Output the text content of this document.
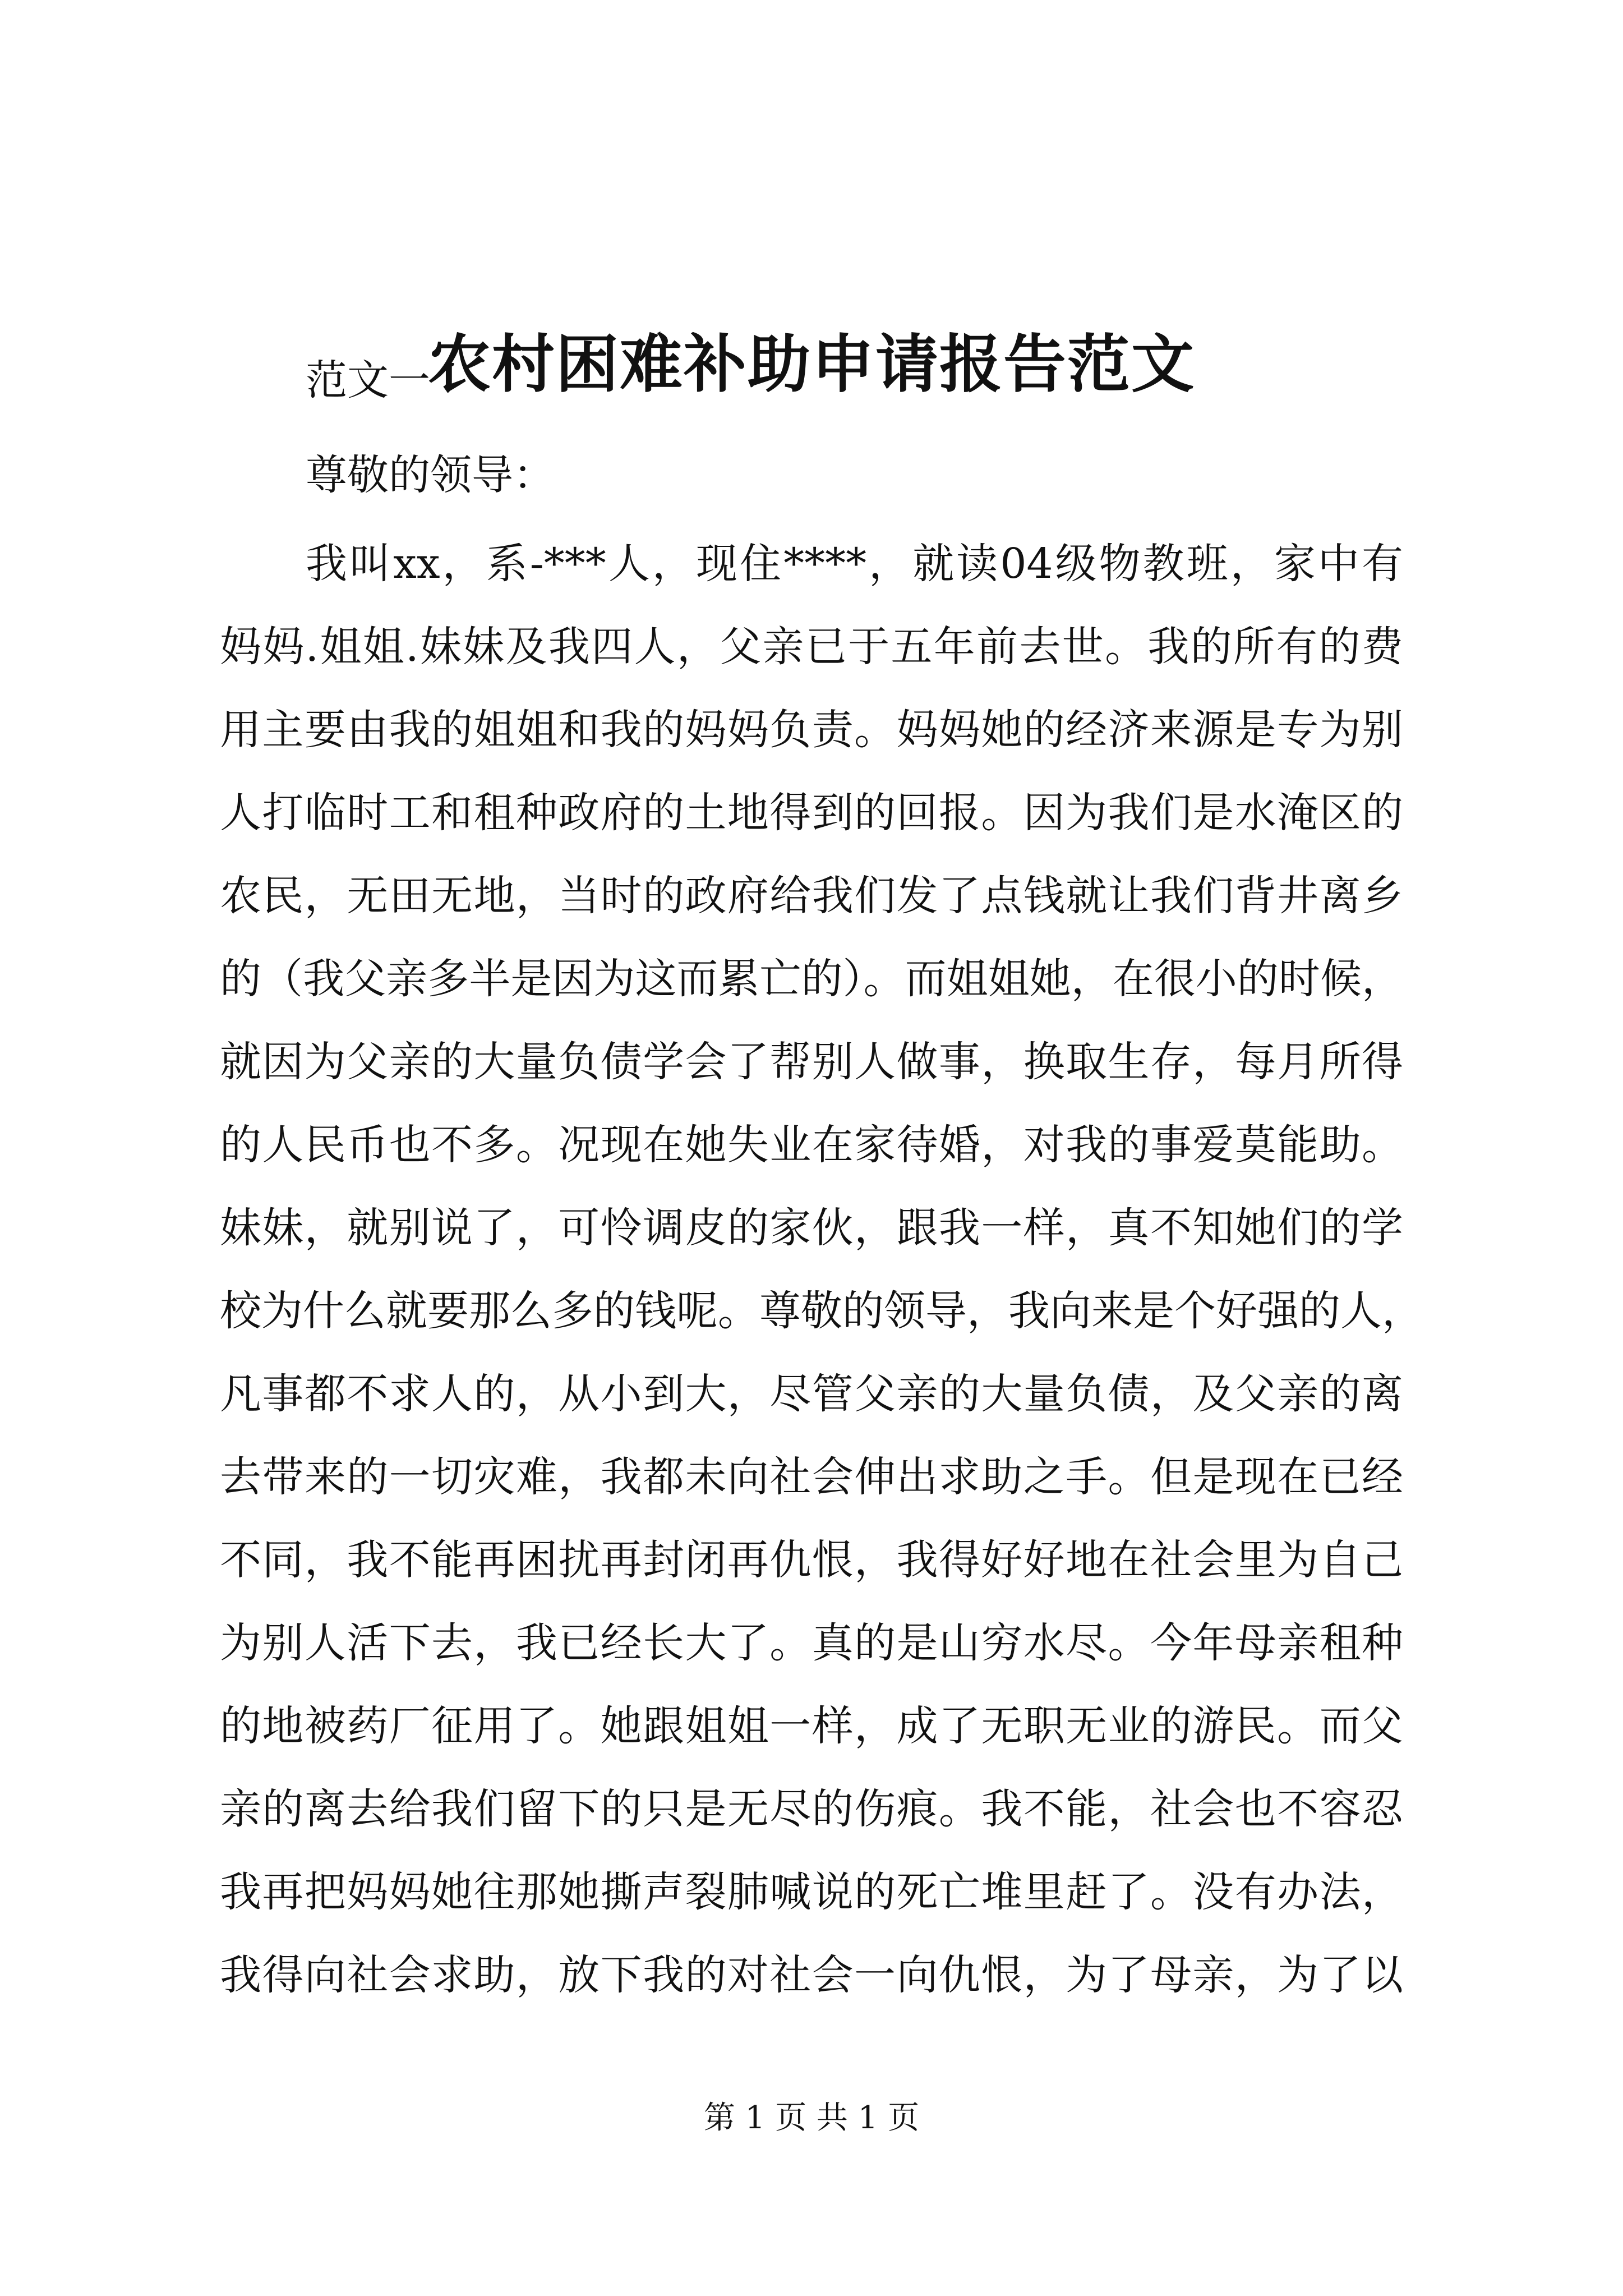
农村困难补助申请报告范文
范文一
尊敬的领导：
我叫xx，系-***人，现住****，就读04级物教班，家中有
妈妈.姐姐.妹妹及我四人，父亲已于五年前去世。我的所有的费
用主要由我的姐姐和我的妈妈负责。妈妈她的经济来源是专为别
人打临时工和租种政府的土地得到的回报。因为我们是水淹区的
农民，无田无地，当时的政府给我们发了点钱就让我们背井离乡
的（我父亲多半是因为这而累亡的）。而姐姐她，在很小的时候，
就因为父亲的大量负债学会了帮别人做事，换取生存，每月所得
的人民币也不多。况现在她失业在家待婚，对我的事爱莫能助。
妹妹，就别说了，可怜调皮的家伙，跟我一样，真不知她们的学
校为什么就要那么多的钱呢。尊敬的领导，我向来是个好强的人，
凡事都不求人的，从小到大，尽管父亲的大量负债，及父亲的离
去带来的一切灾难，我都未向社会伸出求助之手。但是现在已经
不同，我不能再困扰再封闭再仇恨，我得好好地在社会里为自己
为别人活下去，我已经长大了。真的是山穷水尽。今年母亲租种
的地被药厂征用了。她跟姐姐一样，成了无职无业的游民。而父
亲的离去给我们留下的只是无尽的伤痕。我不能，社会也不容忍
我再把妈妈她往那她撕声裂肺喊说的死亡堆里赶了。没有办法，
我得向社会求助，放下我的对社会一向仇恨，为了母亲，为了以
第 1 页 共 1 页
